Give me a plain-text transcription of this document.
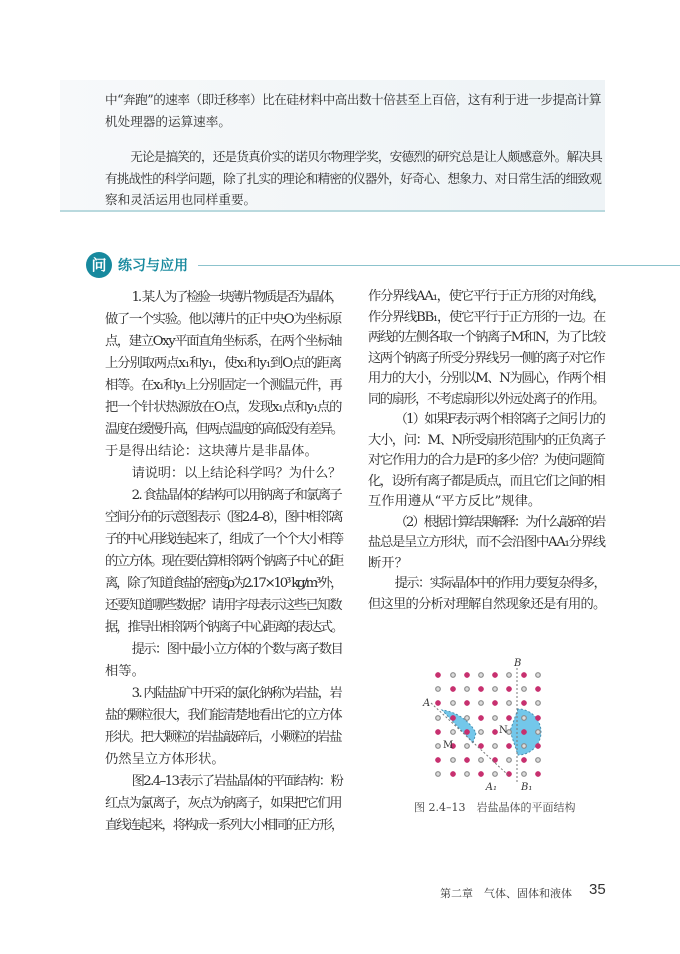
中“奔跑”的速率（即迁移率）比在硅材料中高出数十倍甚至上百倍，这有利于进一步提高计算
机处理器的运算速率。
无论是搞笑的，还是货真价实的诺贝尔物理学奖，安德烈的研究总是让人颇感意外。解决具
有挑战性的科学问题，除了扎实的理论和精密的仪器外，好奇心、想象力、对日常生活的细致观
察和灵活运用也同样重要。
问 练习与应用
1. 某人为了检验一块薄片物质是否为晶体，
做了一个实验。他以薄片的正中央O为坐标原
点，建立Oxy平面直角坐标系，在两个坐标轴
上分别取两点x₁和y₁，使x₁和y₁到O点的距离
相等。在x₁和y₁上分别固定一个测温元件，再
把一个针状热源放在O点，发现x₁点和y₁点的
温度在缓慢升高，但两点温度的高低没有差异。
于是得出结论：这块薄片是非晶体。
请说明：以上结论科学吗？为什么？
2. 食盐晶体的结构可以用钠离子和氯离子
空间分布的示意图表示（图2.4–8），图中相邻离
子的中心用线连起来了，组成了一个个大小相等
的立方体。现在要估算相邻两个钠离子中心的距
离，除了知道食盐的密度ρ为2.17×10³ kg/m³外，
还要知道哪些数据？请用字母表示这些已知数
据，推导出相邻两个钠离子中心距离的表达式。
提示：图中最小立方体的个数与离子数目
相等。
3. 内陆盐矿中开采的氯化钠称为岩盐，岩
盐的颗粒很大，我们能清楚地看出它的立方体
形状。把大颗粒的岩盐敲碎后，小颗粒的岩盐
仍然呈立方体形状。
图2.4–13表示了岩盐晶体的平面结构：粉
红点为氯离子，灰点为钠离子，如果把它们用
直线连起来，将构成一系列大小相同的正方形，
作分界线AA₁，使它平行于正方形的对角线，
作分界线BB₁，使它平行于正方形的一边。在
两线的左侧各取一个钠离子M和N，为了比较
这两个钠离子所受分界线另一侧的离子对它作
用力的大小，分别以M、N为圆心，作两个相
同的扇形，不考虑扇形以外远处离子的作用。
（1）如果F表示两个相邻离子之间引力的
大小，问：M、N所受扇形范围内的正负离子
对它作用力的合力是F的多少倍？为使问题简
化，设所有离子都是质点，而且它们之间的相
互作用遵从“平方反比”规律。
（2）根据计算结果解释：为什么敲碎的岩
盐总是呈立方形状，而不会沿图中AA₁分界线
断开？
提示：实际晶体中的作用力要复杂得多，
但这里的分析对理解自然现象还是有用的。
A
A₁
B
B₁
M
N
图 2.4–13　岩盐晶体的平面结构
第二章　气体、固体和液体	35
